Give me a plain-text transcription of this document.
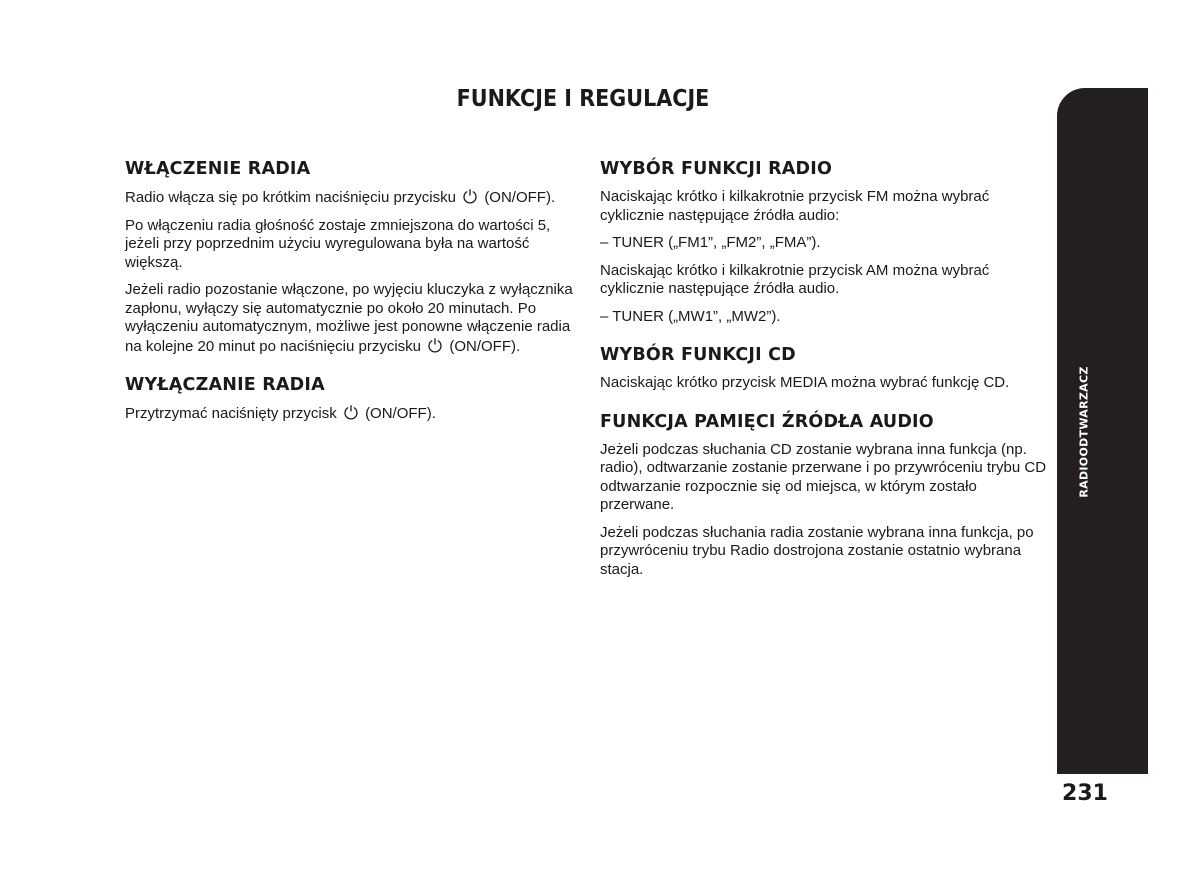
FUNKCJE I REGULACJE
WŁĄCZENIE RADIA

Radio włącza się po krótkim naciśnięciu przycisku (ON/OFF).

Po włączeniu radia głośność zostaje zmniejszona do wartości 5, jeżeli przy poprzednim użyciu wyregulowana była na wartość większą.

Jeżeli radio pozostanie włączone, po wyjęciu kluczyka z wyłącznika zapłonu, wyłączy się automatycznie po około 20 minutach. Po wyłączeniu automatycznym, możliwe jest ponowne włączenie radia na kolejne 20 minut po naciśnięciu przycisku (ON/OFF).

WYŁĄCZANIE RADIA

Przytrzymać naciśnięty przycisk (ON/OFF).

WYBÓR FUNKCJI RADIO

Naciskając krótko i kilkakrotnie przycisk FM można wybrać cyklicznie następujące źródła audio:

– TUNER („FM1”, „FM2”, „FMA”).

Naciskając krótko i kilkakrotnie przycisk AM można wybrać cyklicznie następujące źródła audio.

– TUNER („MW1”, „MW2”).

WYBÓR FUNKCJI CD

Naciskając krótko przycisk MEDIA można wybrać funkcję CD.

FUNKCJA PAMIĘCI ŹRÓDŁA AUDIO

Jeżeli podczas słuchania CD zostanie wybrana inna funkcja (np. radio), odtwarzanie zostanie przerwane i po przywróceniu trybu CD odtwarzanie rozpocznie się od miejsca, w którym zostało przerwane.

Jeżeli podczas słuchania radia zostanie wybrana inna funkcja, po przywróceniu trybu Radio dostrojona zostanie ostatnio wybrana stacja.

RADIOODTWARZACZ
231
